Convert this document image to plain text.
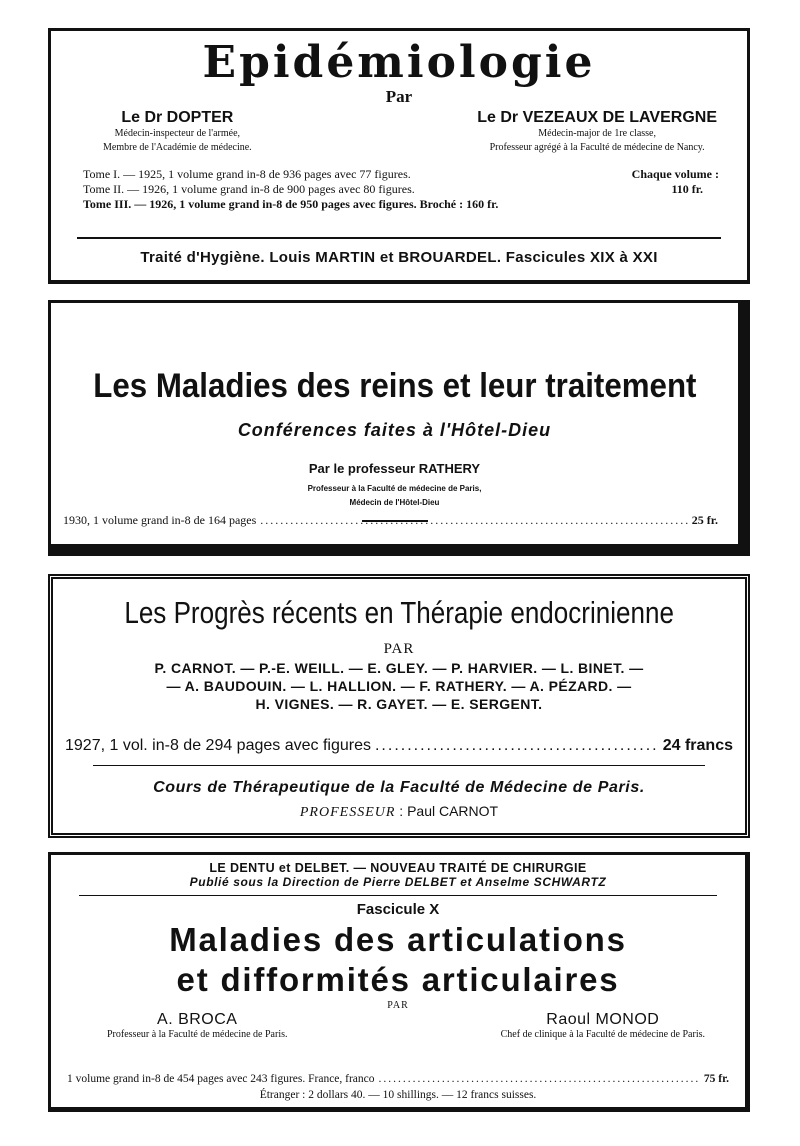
Epidémiologie
Par
Le Dr DOPTER
Médecin-inspecteur de l'armée,
Membre de l'Académie de médecine.
Le Dr VEZEAUX DE LAVERGNE
Médecin-major de 1re classe,
Professeur agrégé à la Faculté de médecine de Nancy.
Tome I. — 1925, 1 volume grand in-8 de 936 pages avec 77 figures.	Chaque volume :
Tome II. — 1926, 1 volume grand in-8 de 900 pages avec 80 figures.	110 fr.
Tome III. — 1926, 1 volume grand in-8 de 950 pages avec figures. Broché : 160 fr.
Traité d'Hygiène. Louis MARTIN et BROUARDEL. Fascicules XIX à XXI
Les Maladies des reins et leur traitement
Conférences faites à l'Hôtel-Dieu
Par le professeur RATHERY
Professeur à la Faculté de médecine de Paris,
Médecin de l'Hôtel-Dieu
1930, 1 volume grand in-8 de 164 pages .....	25 fr.
Les Progrès récents en Thérapie endocrinienne
PAR
P. CARNOT. — P.-E. WEILL. — E. GLEY. — P. HARVIER. — L. BINET. —
— A. BAUDOUIN. — L. HALLION. — F. RATHERY. — A. PÉZARD. —
H. VIGNES. — R. GAYET. — E. SERGENT.
1927, 1 vol. in-8 de 294 pages avec figures .....	24 francs
Cours de Thérapeutique de la Faculté de Médecine de Paris.
PROFESSEUR : Paul CARNOT
LE DENTU et DELBET. — NOUVEAU TRAITÉ DE CHIRURGIE
Publié sous la Direction de Pierre DELBET et Anselme SCHWARTZ
Fascicule X
Maladies des articulations
et difformités articulaires
PAR
A. BROCA
Professeur à la Faculté de médecine de Paris.
Raoul MONOD
Chef de clinique à la Faculté de médecine de Paris.
1 volume grand in-8 de 454 pages avec 243 figures. France, franco .....	75 fr.
Étranger : 2 dollars 40. — 10 shillings. — 12 francs suisses.
